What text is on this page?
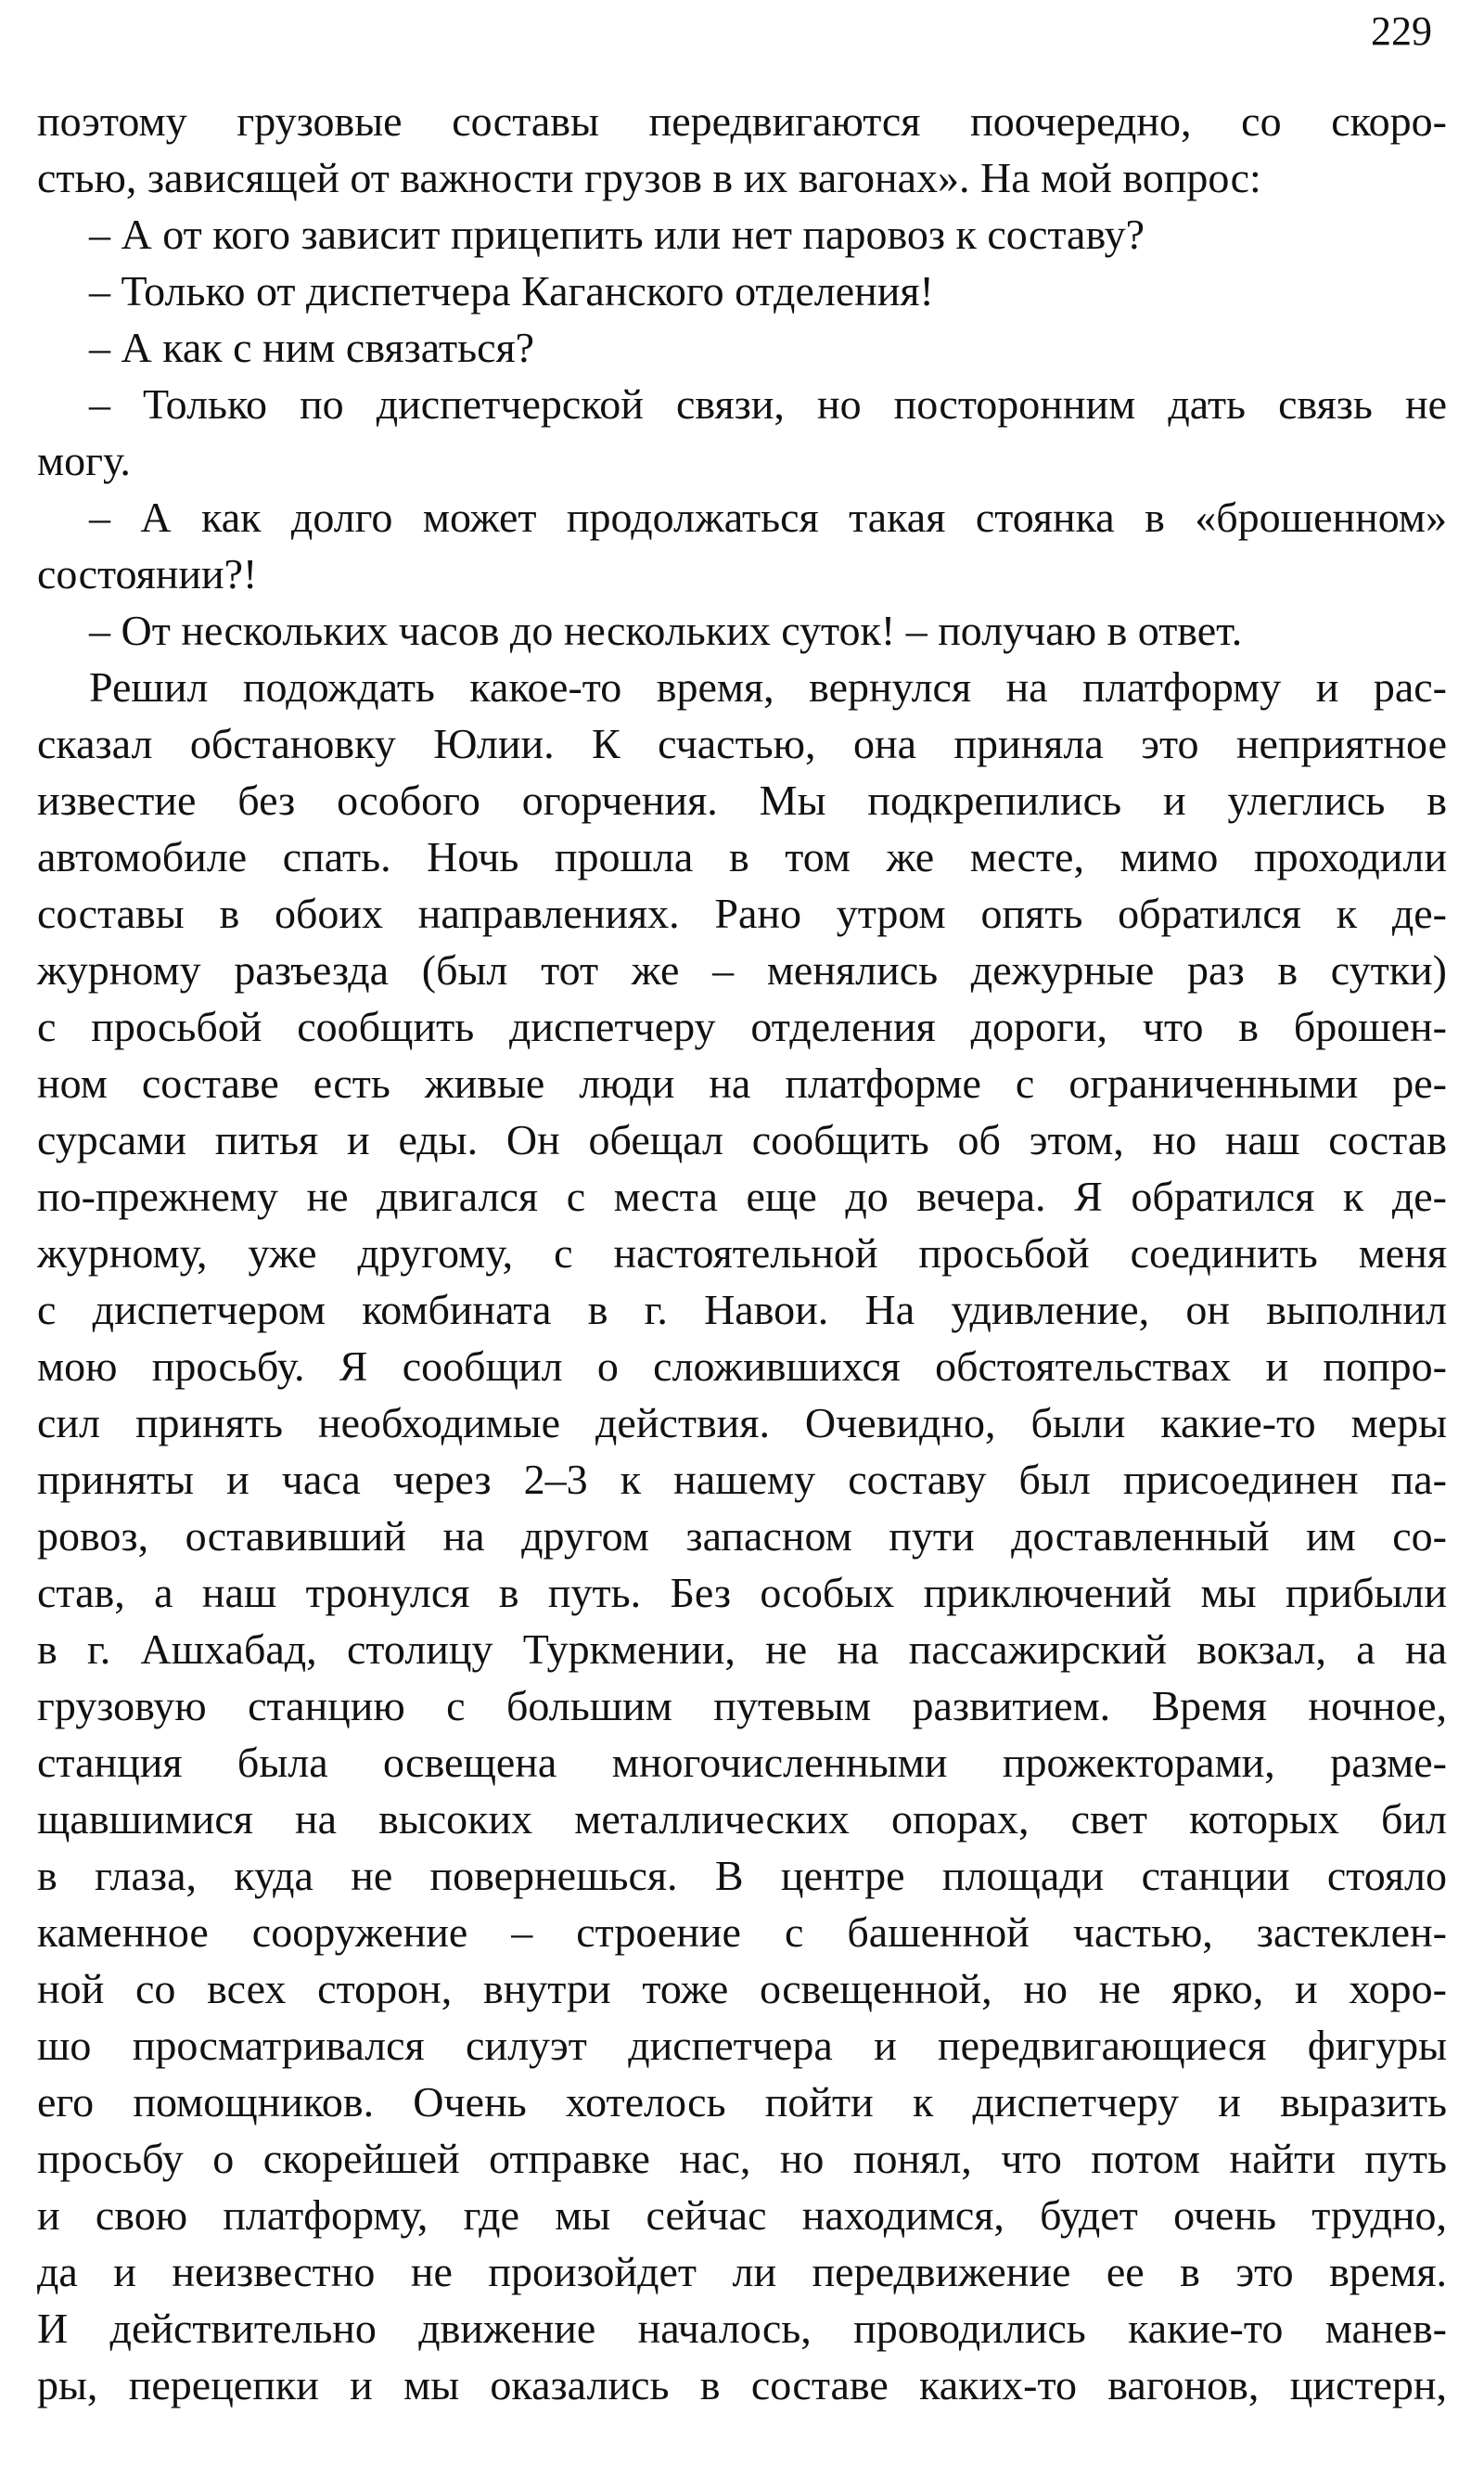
229
поэтому грузовые составы передвигаются поочередно, со скоро-
стью, зависящей от важности грузов в их вагонах». На мой вопрос:
– А от кого зависит прицепить или нет паровоз к составу?
– Только от диспетчера Каганского отделения!
– А как с ним связаться?
– Только по диспетчерской связи, но посторонним дать связь не
могу.
– А как долго может продолжаться такая стоянка в «брошенном»
состоянии?!
– От нескольких часов до нескольких суток! – получаю в ответ.
Решил подождать какое-то время, вернулся на платформу и рас-
сказал обстановку Юлии. К счастью, она приняла это неприятное
известие без особого огорчения. Мы подкрепились и улеглись в
автомобиле спать. Ночь прошла в том же месте, мимо проходили
составы в обоих направлениях. Рано утром опять обратился к де-
журному разъезда (был тот же – менялись дежурные раз в сутки)
с просьбой сообщить диспетчеру отделения дороги, что в брошен-
ном составе есть живые люди на платформе с ограниченными ре-
сурсами питья и еды. Он обещал сообщить об этом, но наш состав
по-прежнему не двигался с места еще до вечера. Я обратился к де-
журному, уже другому, с настоятельной просьбой соединить меня
с диспетчером комбината в г. Навои. На удивление, он выполнил
мою просьбу. Я сообщил о сложившихся обстоятельствах и попро-
сил принять необходимые действия. Очевидно, были какие-то меры
приняты и часа через 2–3 к нашему составу был присоединен па-
ровоз, оставивший на другом запасном пути доставленный им со-
став, а наш тронулся в путь. Без особых приключений мы прибыли
в г. Ашхабад, столицу Туркмении, не на пассажирский вокзал, а на
грузовую станцию с большим путевым развитием. Время ночное,
станция была освещена многочисленными прожекторами, разме-
щавшимися на высоких металлических опорах, свет которых бил
в глаза, куда не повернешься. В центре площади станции стояло
каменное сооружение – строение с башенной частью, застеклен-
ной со всех сторон, внутри тоже освещенной, но не ярко, и хоро-
шо просматривался силуэт диспетчера и передвигающиеся фигуры
его помощников. Очень хотелось пойти к диспетчеру и выразить
просьбу о скорейшей отправке нас, но понял, что потом найти путь
и свою платформу, где мы сейчас находимся, будет очень трудно,
да и неизвестно не произойдет ли передвижение ее в это время.
И действительно движение началось, проводились какие-то манев-
ры, перецепки и мы оказались в составе каких-то вагонов, цистерн,
